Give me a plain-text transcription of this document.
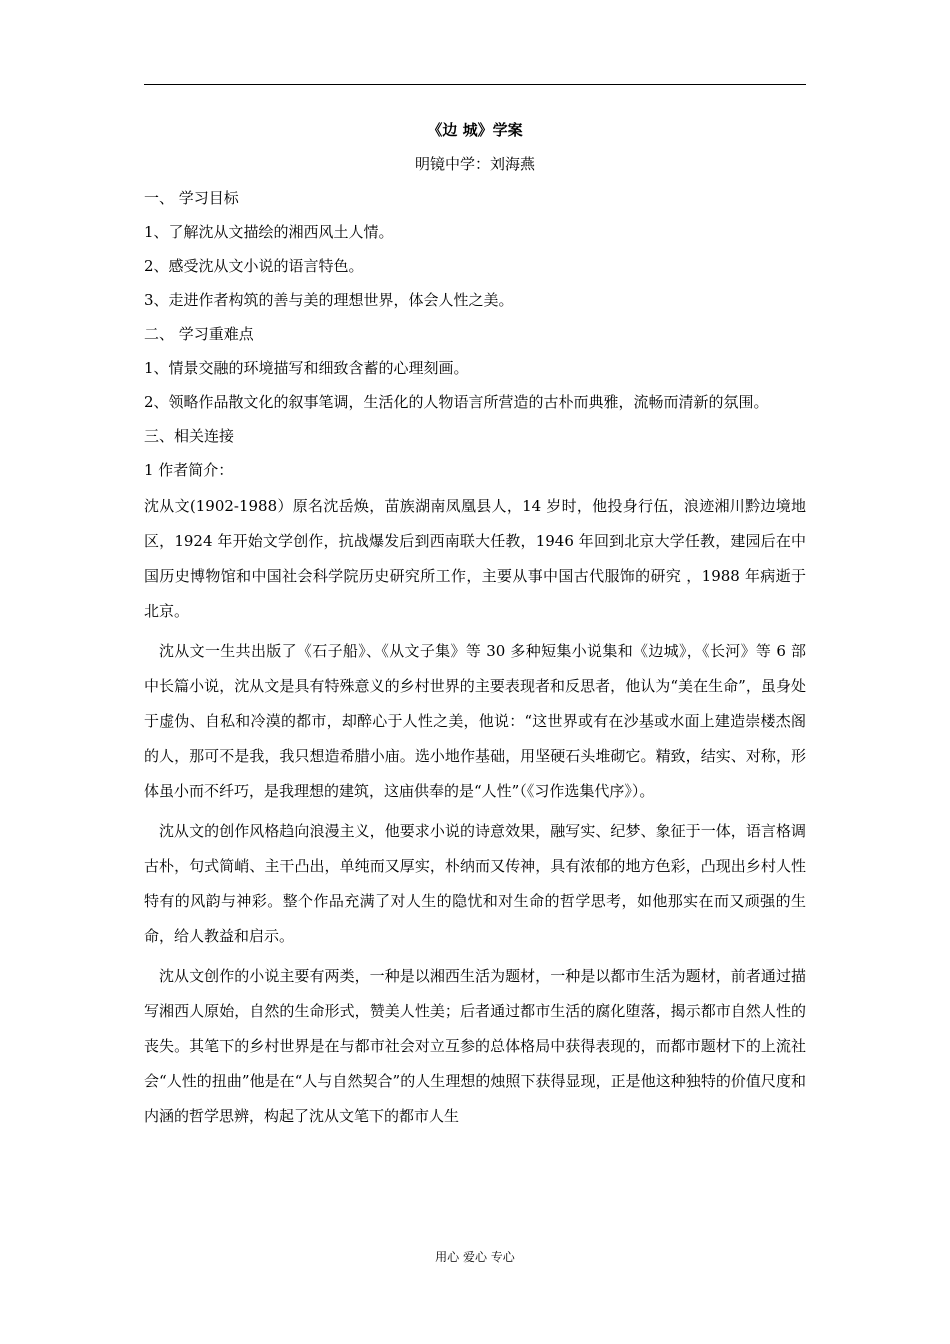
《边 城》学案
明镜中学：刘海燕
一、 学习目标
1、了解沈从文描绘的湘西风土人情。
2、感受沈从文小说的语言特色。
3、走进作者构筑的善与美的理想世界，体会人性之美。
二、 学习重难点
1、情景交融的环境描写和细致含蓄的心理刻画。
2、领略作品散文化的叙事笔调，生活化的人物语言所营造的古朴而典雅，流畅而清新的氛围。
三、相关连接
1 作者简介：
沈从文(1902-1988）原名沈岳焕，苗族湖南凤凰县人，14 岁时，他投身行伍，浪迹湘川黔边境地区，1924 年开始文学创作，抗战爆发后到西南联大任教，1946 年回到北京大学任教，建园后在中国历史博物馆和中国社会科学院历史研究所工作，主要从事中国古代服饰的研究 ，1988 年病逝于北京。
沈从文一生共出版了《石子船》、《从文子集》等 30 多种短集小说集和《边城》，《长河》等 6 部中长篇小说，沈从文是具有特殊意义的乡村世界的主要表现者和反思者，他认为“美在生命”，虽身处于虚伪、自私和冷漠的都市，却醉心于人性之美，他说：“这世界或有在沙基或水面上建造崇楼杰阁的人，那可不是我，我只想造希腊小庙。选小地作基础，用坚硬石头堆砌它。精致，结实、对称，形体虽小而不纤巧，是我理想的建筑，这庙供奉的是“人性”（《习作选集代序》）。
沈从文的创作风格趋向浪漫主义，他要求小说的诗意效果，融写实、纪梦、象征于一体，语言格调古朴，句式简峭、主干凸出，单纯而又厚实，朴纳而又传神，具有浓郁的地方色彩，凸现出乡村人性特有的风韵与神彩。整个作品充满了对人生的隐忧和对生命的哲学思考，如他那实在而又顽强的生命，给人教益和启示。
沈从文创作的小说主要有两类，一种是以湘西生活为题材，一种是以都市生活为题材，前者通过描写湘西人原始，自然的生命形式，赞美人性美；后者通过都市生活的腐化堕落，揭示都市自然人性的丧失。其笔下的乡村世界是在与都市社会对立互参的总体格局中获得表现的，而都市题材下的上流社会“人性的扭曲”他是在“人与自然契合”的人生理想的烛照下获得显现，正是他这种独特的价值尺度和内涵的哲学思辨，构起了沈从文笔下的都市人生
用心 爱心 专心
